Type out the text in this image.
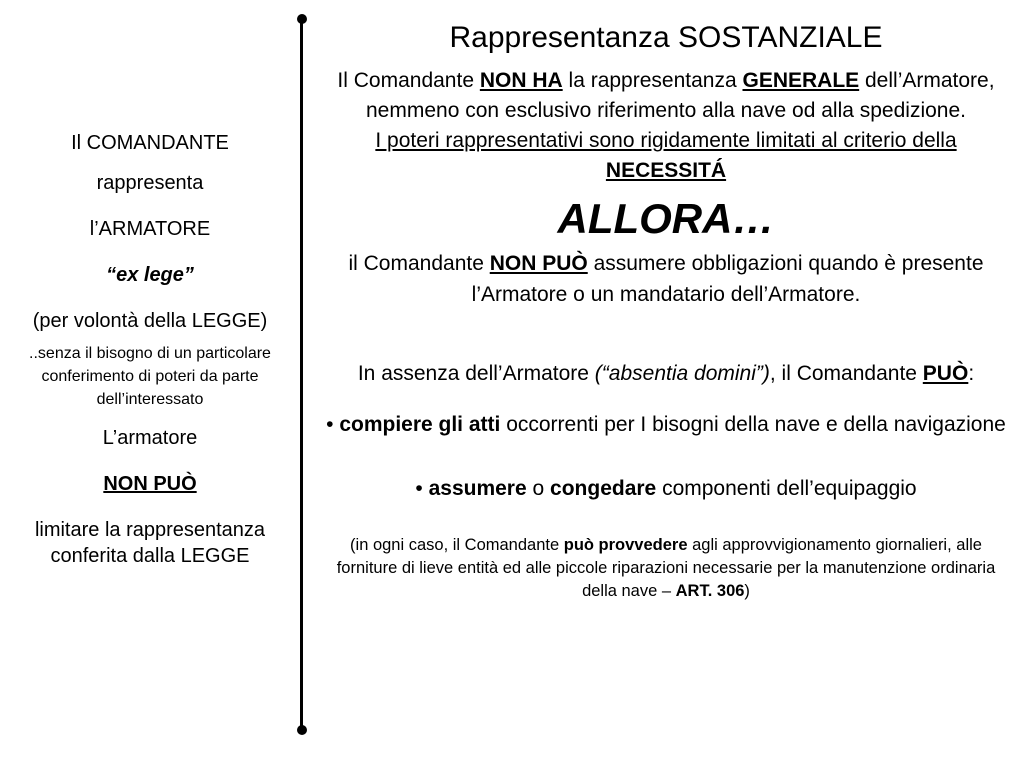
Il COMANDANTE
rappresenta
l’ARMATORE
“ex lege”
(per volontà della LEGGE)
..senza il bisogno di un particolare conferimento di poteri da parte dell’interessato
L’armatore
NON PUÒ
limitare la rappresentanza conferita dalla LEGGE
Rappresentanza SOSTANZIALE
Il Comandante NON HA la rappresentanza GENERALE dell’Armatore, nemmeno con esclusivo riferimento alla nave od alla spedizione.
I poteri rappresentativi sono rigidamente limitati al criterio della NECESSITÁ
ALLORA…
il Comandante NON PUÒ assumere obbligazioni quando è presente l’Armatore o un mandatario dell’Armatore.
In assenza dell’Armatore (“absentia domini”), il Comandante PUÒ:
• compiere gli atti occorrenti per I bisogni della nave e della navigazione
• assumere o congedare componenti dell’equipaggio
(in ogni caso, il Comandante può provvedere agli approvvigionamento giornalieri, alle forniture di lieve entità ed alle piccole riparazioni necessarie per la manutenzione ordinaria della nave – ART. 306)
